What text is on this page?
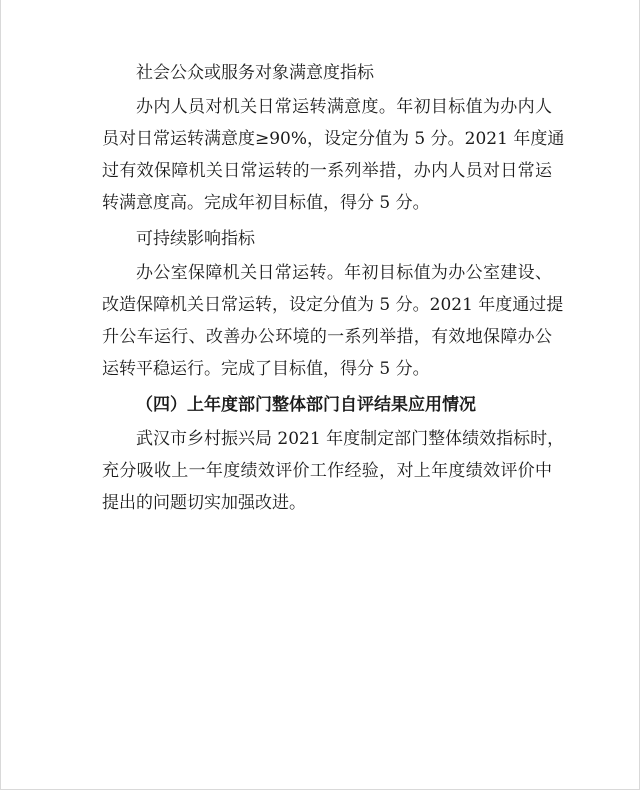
社会公众或服务对象满意度指标
办内人员对机关日常运转满意度。年初目标值为办内人
员对日常运转满意度≥90%，设定分值为 5 分。2021 年度通
过有效保障机关日常运转的一系列举措，办内人员对日常运
转满意度高。完成年初目标值，得分 5 分。
可持续影响指标
办公室保障机关日常运转。年初目标值为办公室建设、
改造保障机关日常运转，设定分值为 5 分。2021 年度通过提
升公车运行、改善办公环境的一系列举措，有效地保障办公
运转平稳运行。完成了目标值，得分 5 分。
（四）上年度部门整体部门自评结果应用情况
武汉市乡村振兴局 2021 年度制定部门整体绩效指标时，
充分吸收上一年度绩效评价工作经验，对上年度绩效评价中
提出的问题切实加强改进。
